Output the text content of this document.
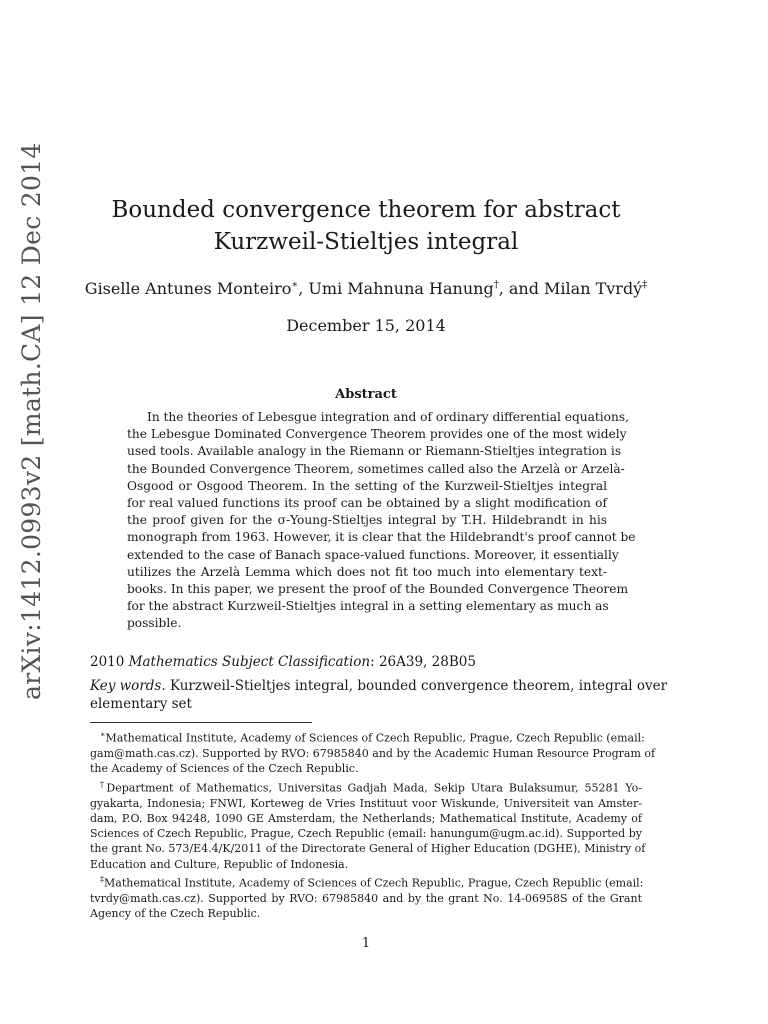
arXiv:1412.0993v2 [math.CA] 12 Dec 2014	Bounded convergence theorem for abstract
Kurzweil-Stieltjes integral
Giselle Antunes Monteiro∗, Umi Mahnuna Hanung†, and Milan Tvrdý‡
December 15, 2014
Abstract
In the theories of Lebesgue integration and of ordinary differential equations,
the Lebesgue Dominated Convergence Theorem provides one of the most widely
used tools. Available analogy in the Riemann or Riemann-Stieltjes integration is
the Bounded Convergence Theorem, sometimes called also the Arzelà or Arzelà-
Osgood or Osgood Theorem. In the setting of the Kurzweil-Stieltjes integral
for real valued functions its proof can be obtained by a slight modification of
the proof given for the σ-Young-Stieltjes integral by T.H. Hildebrandt in his
monograph from 1963. However, it is clear that the Hildebrandt's proof cannot be
extended to the case of Banach space-valued functions. Moreover, it essentially
utilizes the Arzelà Lemma which does not fit too much into elementary text-
books. In this paper, we present the proof of the Bounded Convergence Theorem
for the abstract Kurzweil-Stieltjes integral in a setting elementary as much as
possible.
2010 Mathematics Subject Classification: 26A39, 28B05
Key words. Kurzweil-Stieltjes integral, bounded convergence theorem, integral over
elementary set
∗Mathematical Institute, Academy of Sciences of Czech Republic, Prague, Czech Republic (email:
gam@math.cas.cz). Supported by RVO: 67985840 and by the Academic Human Resource Program of
the Academy of Sciences of the Czech Republic.
†Department of Mathematics, Universitas Gadjah Mada, Sekip Utara Bulaksumur, 55281 Yo-
gyakarta, Indonesia; FNWI, Korteweg de Vries Instituut voor Wiskunde, Universiteit van Amster-
dam, P.O. Box 94248, 1090 GE Amsterdam, the Netherlands; Mathematical Institute, Academy of
Sciences of Czech Republic, Prague, Czech Republic (email: hanungum@ugm.ac.id). Supported by
the grant No. 573/E4.4/K/2011 of the Directorate General of Higher Education (DGHE), Ministry of
Education and Culture, Republic of Indonesia.
‡Mathematical Institute, Academy of Sciences of Czech Republic, Prague, Czech Republic (email:
tvrdy@math.cas.cz). Supported by RVO: 67985840 and by the grant No. 14-06958S of the Grant
Agency of the Czech Republic.
1
